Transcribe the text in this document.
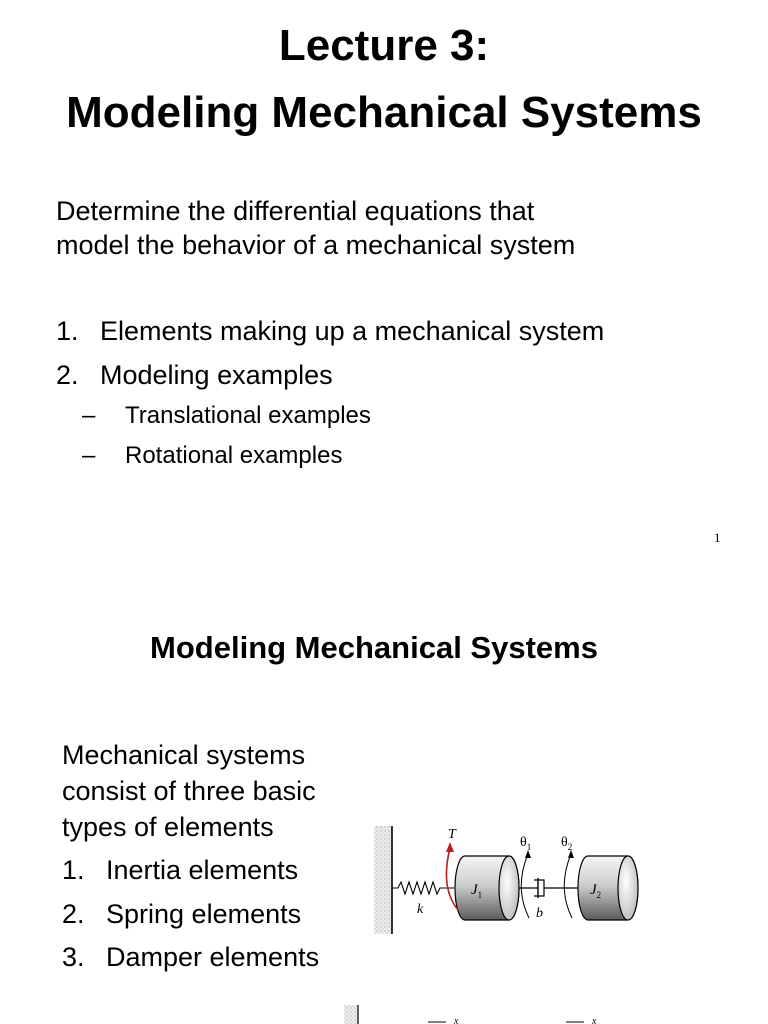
Lecture 3:
Modeling Mechanical Systems
Determine the differential equations that
model the behavior of a mechanical system
1. Elements making up a mechanical system
2. Modeling examples
– Translational examples
– Rotational examples
1
Modeling Mechanical Systems
Mechanical systems
consist of three basic
types of elements
1. Inertia elements
2. Spring elements
3. Damper elements
k
$J_1$
T
b
$\theta_1$ $\theta_2$
$J_2$
x	x
